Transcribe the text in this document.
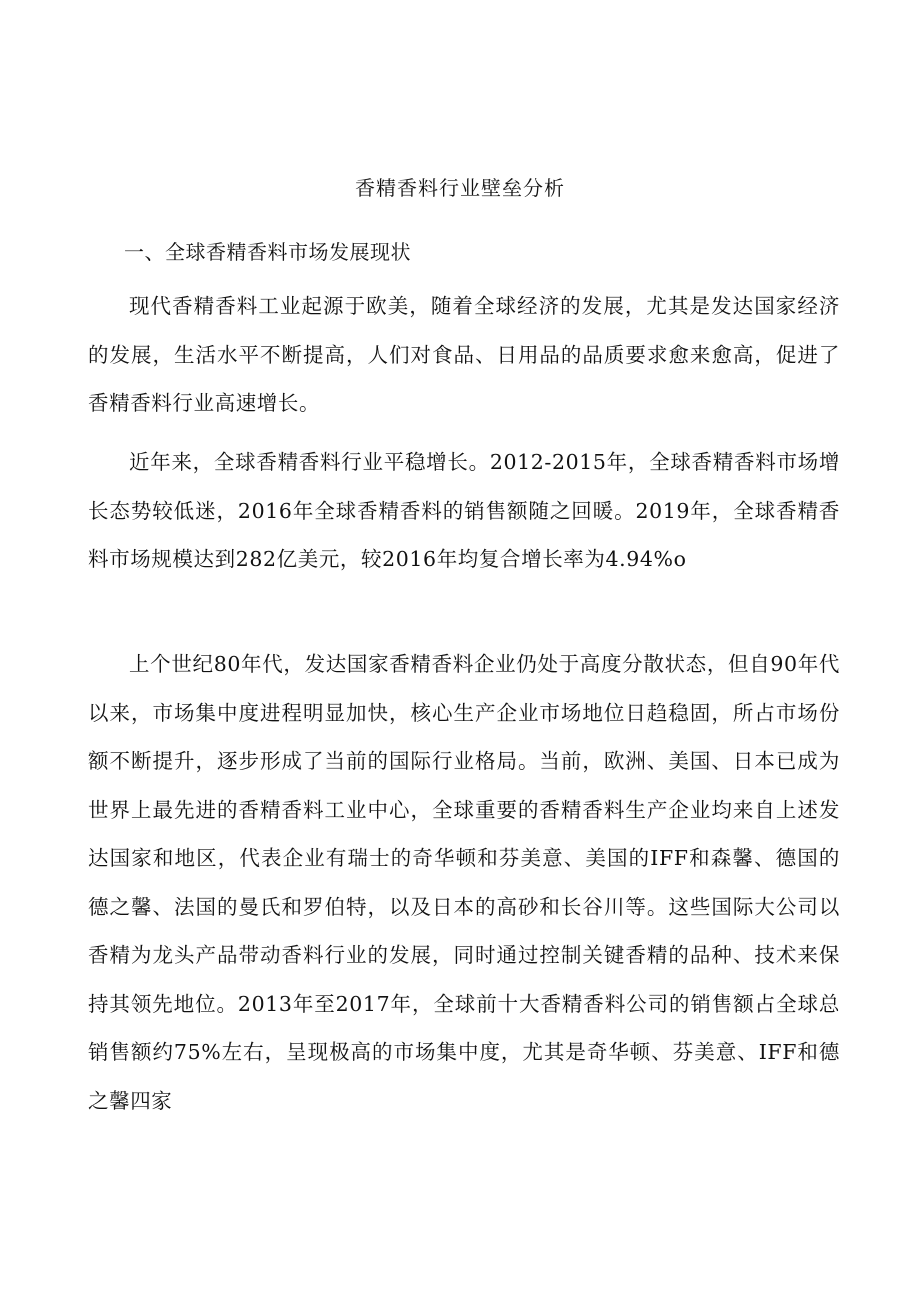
香精香料行业壁垒分析
一、全球香精香料市场发展现状

现代香精香料工业起源于欧美，随着全球经济的发展，尤其是发达国家经济的发展，生活水平不断提高，人们对食品、日用品的品质要求愈来愈高，促进了香精香料行业高速增长。

近年来，全球香精香料行业平稳增长。2012-2015年，全球香精香料市场增长态势较低迷，2016年全球香精香料的销售额随之回暖。2019年，全球香精香料市场规模达到282亿美元，较2016年均复合增长率为4.94%o

上个世纪80年代，发达国家香精香料企业仍处于高度分散状态，但自90年代以来，市场集中度进程明显加快，核心生产企业市场地位日趋稳固，所占市场份额不断提升，逐步形成了当前的国际行业格局。当前，欧洲、美国、日本已成为世界上最先进的香精香料工业中心，全球重要的香精香料生产企业均来自上述发达国家和地区，代表企业有瑞士的奇华顿和芬美意、美国的IFF和森馨、德国的德之馨、法国的曼氏和罗伯特，以及日本的高砂和长谷川等。这些国际大公司以香精为龙头产品带动香料行业的发展，同时通过控制关键香精的品种、技术来保持其领先地位。2013年至2017年，全球前十大香精香料公司的销售额占全球总销售额约75%左右，呈现极高的市场集中度，尤其是奇华顿、芬美意、IFF和德之馨四家
